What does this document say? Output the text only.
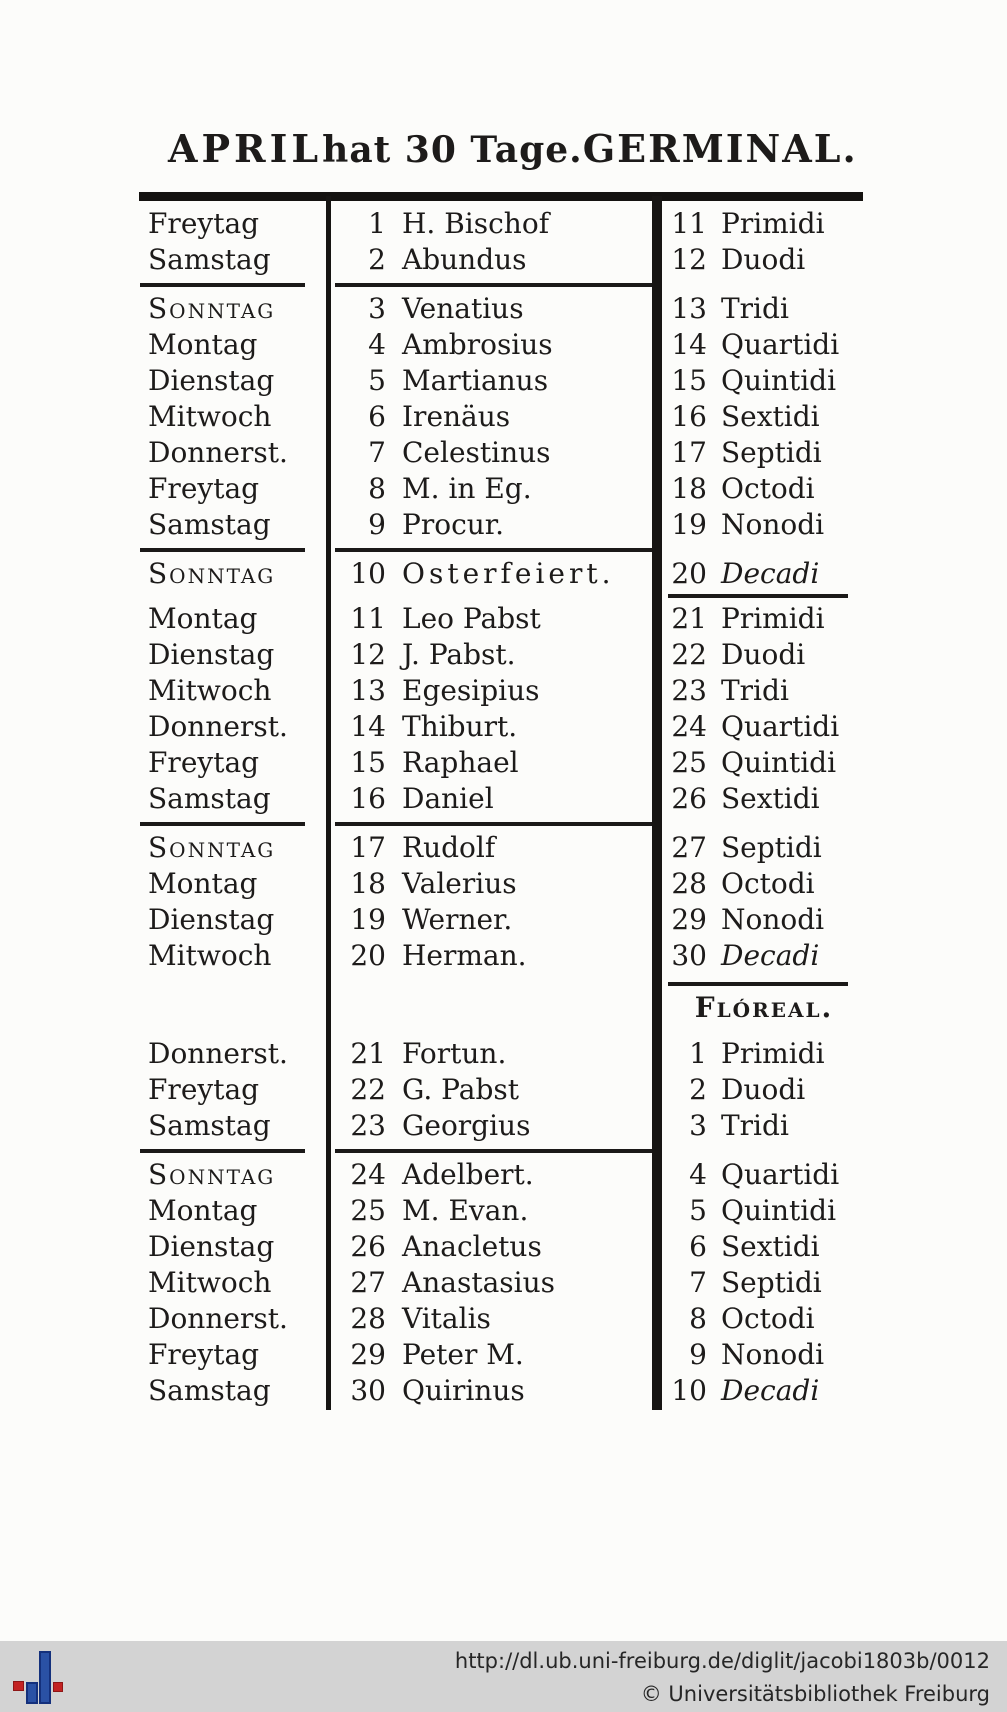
APRIL hat 30 Tage. GERMINAL.
Freytag	1 H. Bischof	11 Primidi
Samstag	2 Abundus	12 Duodi
Sonntag	3 Venatius	13 Tridi
Montag	4 Ambrosius	14 Quartidi
Dienstag	5 Martianus	15 Quintidi
Mitwoch	6 Irenäus	16 Sextidi
Donnerst.	7 Celestinus	17 Septidi
Freytag	8 M. in Eg.	18 Octodi
Samstag	9 Procur.	19 Nonodi
Sonntag	10 Osterfeiert.	20 Decadi
Montag	11 Leo Pabst	21 Primidi
Dienstag	12 J. Pabst.	22 Duodi
Mitwoch	13 Egesipius	23 Tridi
Donnerst.	14 Thiburt.	24 Quartidi
Freytag	15 Raphael	25 Quintidi
Samstag	16 Daniel	26 Sextidi
Sonntag	17 Rudolf	27 Septidi
Montag	18 Valerius	28 Octodi
Dienstag	19 Werner.	29 Nonodi
Mitwoch	20 Herman.	30 Decadi
Flóreal.
Donnerst.	21 Fortun.	1 Primidi
Freytag	22 G. Pabst	2 Duodi
Samstag	23 Georgius	3 Tridi
Sonntag	24 Adelbert.	4 Quartidi
Montag	25 M. Evan.	5 Quintidi
Dienstag	26 Anacletus	6 Sextidi
Mitwoch	27 Anastasius	7 Septidi
Donnerst.	28 Vitalis	8 Octodi
Freytag	29 Peter M.	9 Nonodi
Samstag	30 Quirinus	10 Decadi
http://dl.ub.uni-freiburg.de/diglit/jacobi1803b/0012
© Universitätsbibliothek Freiburg
